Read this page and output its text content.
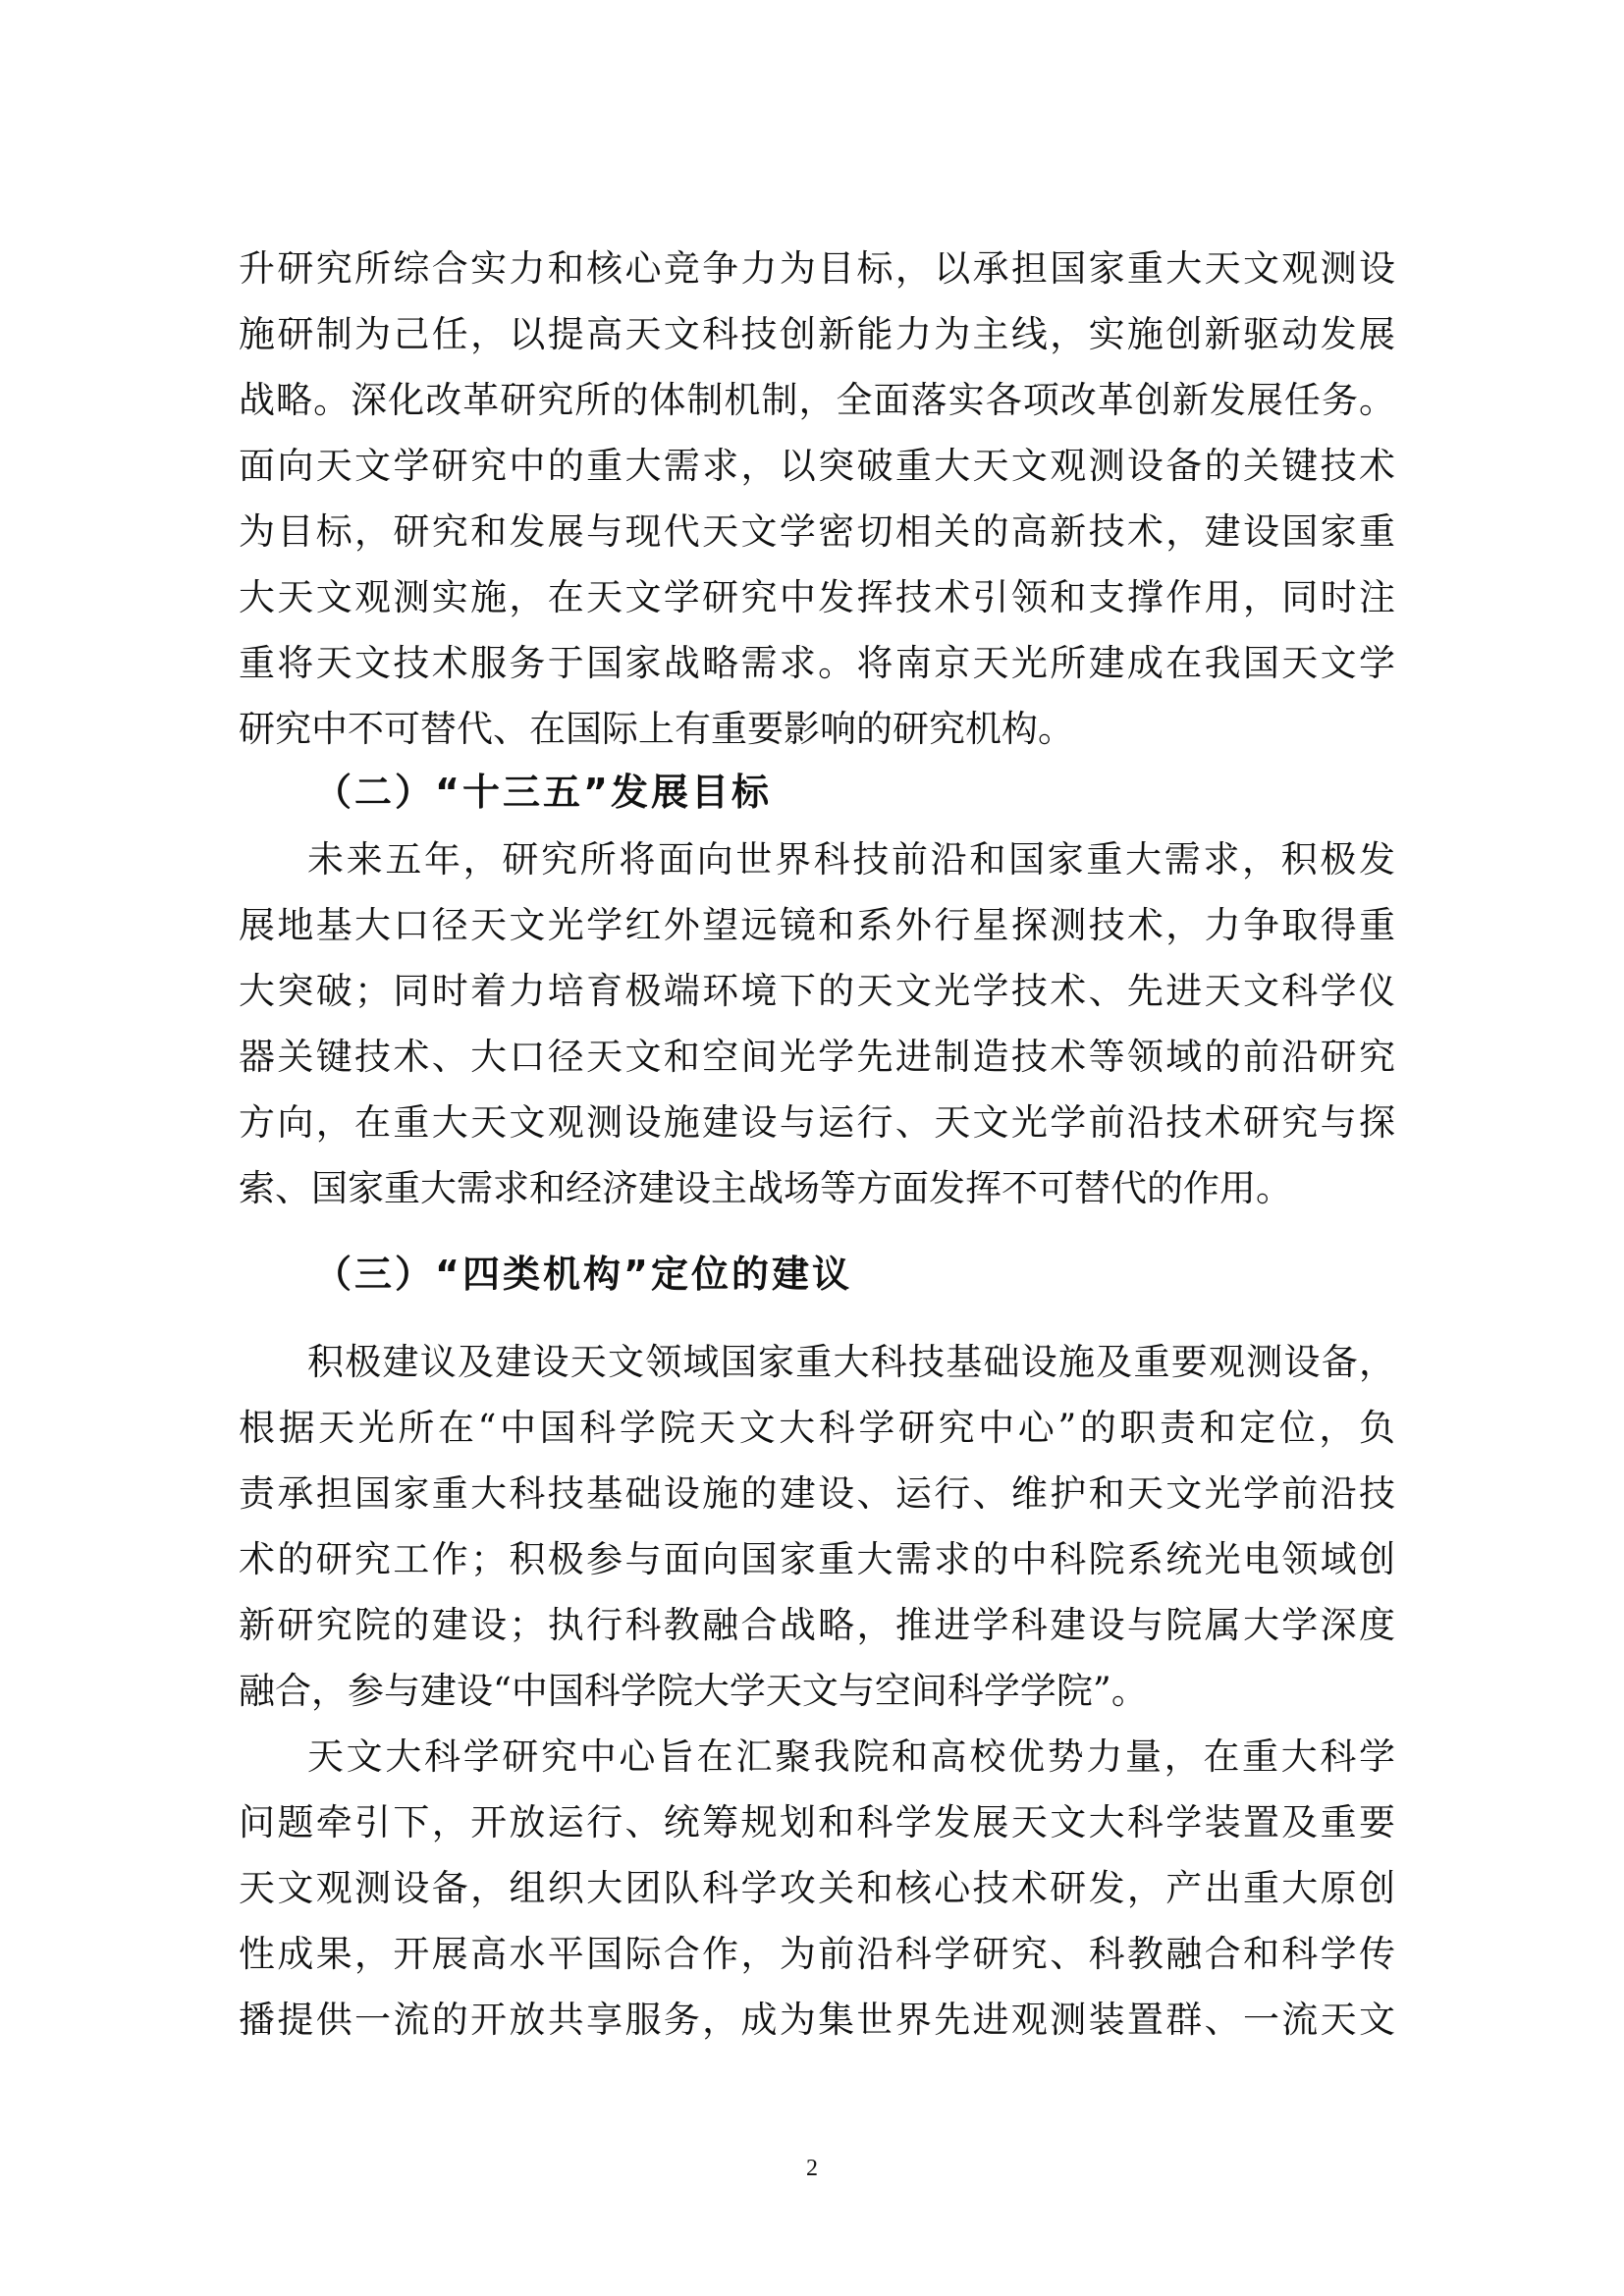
升研究所综合实力和核心竞争力为目标，以承担国家重大天文观测设
施研制为己任，以提高天文科技创新能力为主线，实施创新驱动发展
战略。深化改革研究所的体制机制，全面落实各项改革创新发展任务。
面向天文学研究中的重大需求，以突破重大天文观测设备的关键技术
为目标，研究和发展与现代天文学密切相关的高新技术，建设国家重
大天文观测实施，在天文学研究中发挥技术引领和支撑作用，同时注
重将天文技术服务于国家战略需求。将南京天光所建成在我国天文学
研究中不可替代、在国际上有重要影响的研究机构。
（二）“十三五”发展目标
未来五年，研究所将面向世界科技前沿和国家重大需求，积极发
展地基大口径天文光学红外望远镜和系外行星探测技术，力争取得重
大突破；同时着力培育极端环境下的天文光学技术、先进天文科学仪
器关键技术、大口径天文和空间光学先进制造技术等领域的前沿研究
方向，在重大天文观测设施建设与运行、天文光学前沿技术研究与探
索、国家重大需求和经济建设主战场等方面发挥不可替代的作用。
（三）“四类机构”定位的建议
积极建议及建设天文领域国家重大科技基础设施及重要观测设备，
根据天光所在“中国科学院天文大科学研究中心”的职责和定位，负
责承担国家重大科技基础设施的建设、运行、维护和天文光学前沿技
术的研究工作；积极参与面向国家重大需求的中科院系统光电领域创
新研究院的建设；执行科教融合战略，推进学科建设与院属大学深度
融合，参与建设“中国科学院大学天文与空间科学学院”。
天文大科学研究中心旨在汇聚我院和高校优势力量，在重大科学
问题牵引下，开放运行、统筹规划和科学发展天文大科学装置及重要
天文观测设备，组织大团队科学攻关和核心技术研发，产出重大原创
性成果，开展高水平国际合作，为前沿科学研究、科教融合和科学传
播提供一流的开放共享服务，成为集世界先进观测装置群、一流天文
2
